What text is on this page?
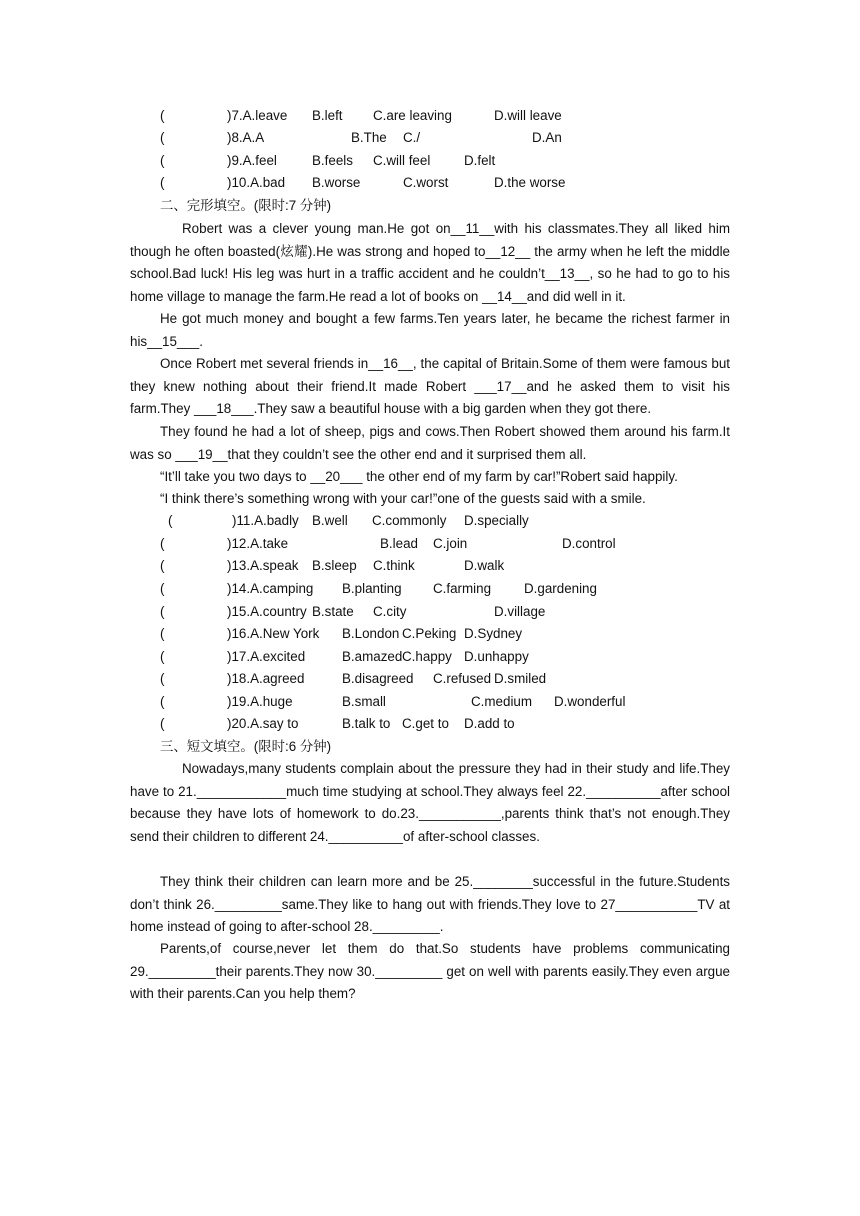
(	)7.A.leave B.left C.are leaving	D.will leave
(	)8.A.A	B.The C./	D.An
(	)9.A.feel	B.feels C.will feel	D.felt
(	)10.A.bad B.worse	C.worst	D.the worse
二、完形填空。(限时:7 分钟)

Robert was a clever young man.He got on__11__with his classmates.They all liked him though he often boasted(炫耀).He was strong and hoped to__12__ the army when he left the middle school.Bad luck! His leg was hurt in a traffic accident and he couldn’t__13__, so he had to go to his home village to manage the farm.He read a lot of books on __14__and did well in it.

He got much money and bought a few farms.Ten years later, he became the richest farmer in his__15___.

Once Robert met several friends in__16__, the capital of Britain.Some of them were famous but they knew nothing about their friend.It made Robert ___17__and he asked them to visit his farm.They ___18___.They saw a beautiful house with a big garden when they got there.

They found he had a lot of sheep, pigs and cows.Then Robert showed them around his farm.It was so ___19__that they couldn’t see the other end and it surprised them all.

“It’ll take you two days to __20___ the other end of my farm by car!”Robert said happily.
“I think there’s something wrong with your car!”one of the guests said with a smile.
(	)11.A.badly B.well C.commonly D.specially
(	)12.A.take	B.lead C.join	D.control
(	)13.A.speak B.sleep C.think	D.walk
(	)14.A.camping B.planting C.farming D.gardening
(	)15.A.country B.state C.city	D.village
(	)16.A.New York B.London C.Peking D.Sydney
(	)17.A.excited	B.amazed C.happy D.unhappy
(	)18.A.agreed	B.disagreed C.refused D.smiled
(	)19.A.huge	B.small	C.medium D.wonderful
(	)20.A.say to	B.talk to C.get to D.add to
三、短文填空。(限时:6 分钟)

Nowadays,many students complain about the pressure they had in their study and life.They have to 21.____________much time studying at school.They always feel 22.__________after school because they have lots of homework to do.23.___________,parents think that’s not enough.They send their children to different 24.__________of after-school classes.

They think their children can learn more and be 25.________successful in the future.Students don’t think 26._________same.They like to hang out with friends.They love to 27___________TV at home instead of going to after-school 28._________.

Parents,of course,never let them do that.So students have problems communicating 29._________their parents.They now 30._________ get on well with parents easily.They even argue with their parents.Can you help them?
